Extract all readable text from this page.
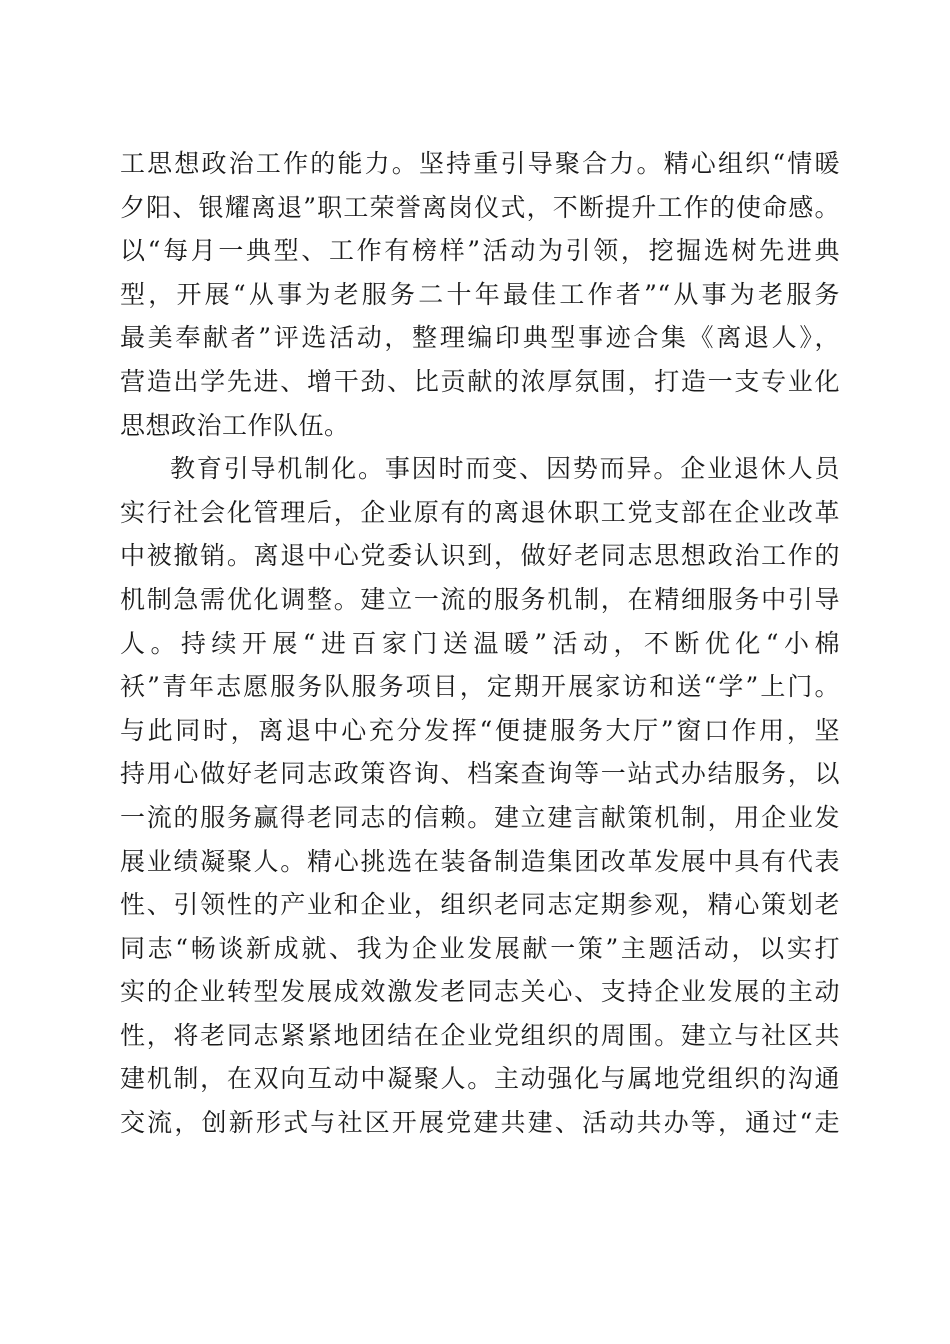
工思想政治工作的能力。坚持重引导聚合力。精心组织“情暖
夕阳、银耀离退”职工荣誉离岗仪式，不断提升工作的使命感。
以“每月一典型、工作有榜样”活动为引领，挖掘选树先进典
型，开展“从事为老服务二十年最佳工作者”“从事为老服务
最美奉献者”评选活动，整理编印典型事迹合集《离退人》，
营造出学先进、增干劲、比贡献的浓厚氛围，打造一支专业化
思想政治工作队伍。
教育引导机制化。事因时而变、因势而异。企业退休人员
实行社会化管理后，企业原有的离退休职工党支部在企业改革
中被撤销。离退中心党委认识到，做好老同志思想政治工作的
机制急需优化调整。建立一流的服务机制，在精细服务中引导
人。持续开展“进百家门送温暖”活动，不断优化“小棉
袄”青年志愿服务队服务项目，定期开展家访和送“学”上门。
与此同时，离退中心充分发挥“便捷服务大厅”窗口作用，坚
持用心做好老同志政策咨询、档案查询等一站式办结服务，以
一流的服务赢得老同志的信赖。建立建言献策机制，用企业发
展业绩凝聚人。精心挑选在装备制造集团改革发展中具有代表
性、引领性的产业和企业，组织老同志定期参观，精心策划老
同志“畅谈新成就、我为企业发展献一策”主题活动，以实打
实的企业转型发展成效激发老同志关心、支持企业发展的主动
性，将老同志紧紧地团结在企业党组织的周围。建立与社区共
建机制，在双向互动中凝聚人。主动强化与属地党组织的沟通
交流，创新形式与社区开展党建共建、活动共办等，通过“走
